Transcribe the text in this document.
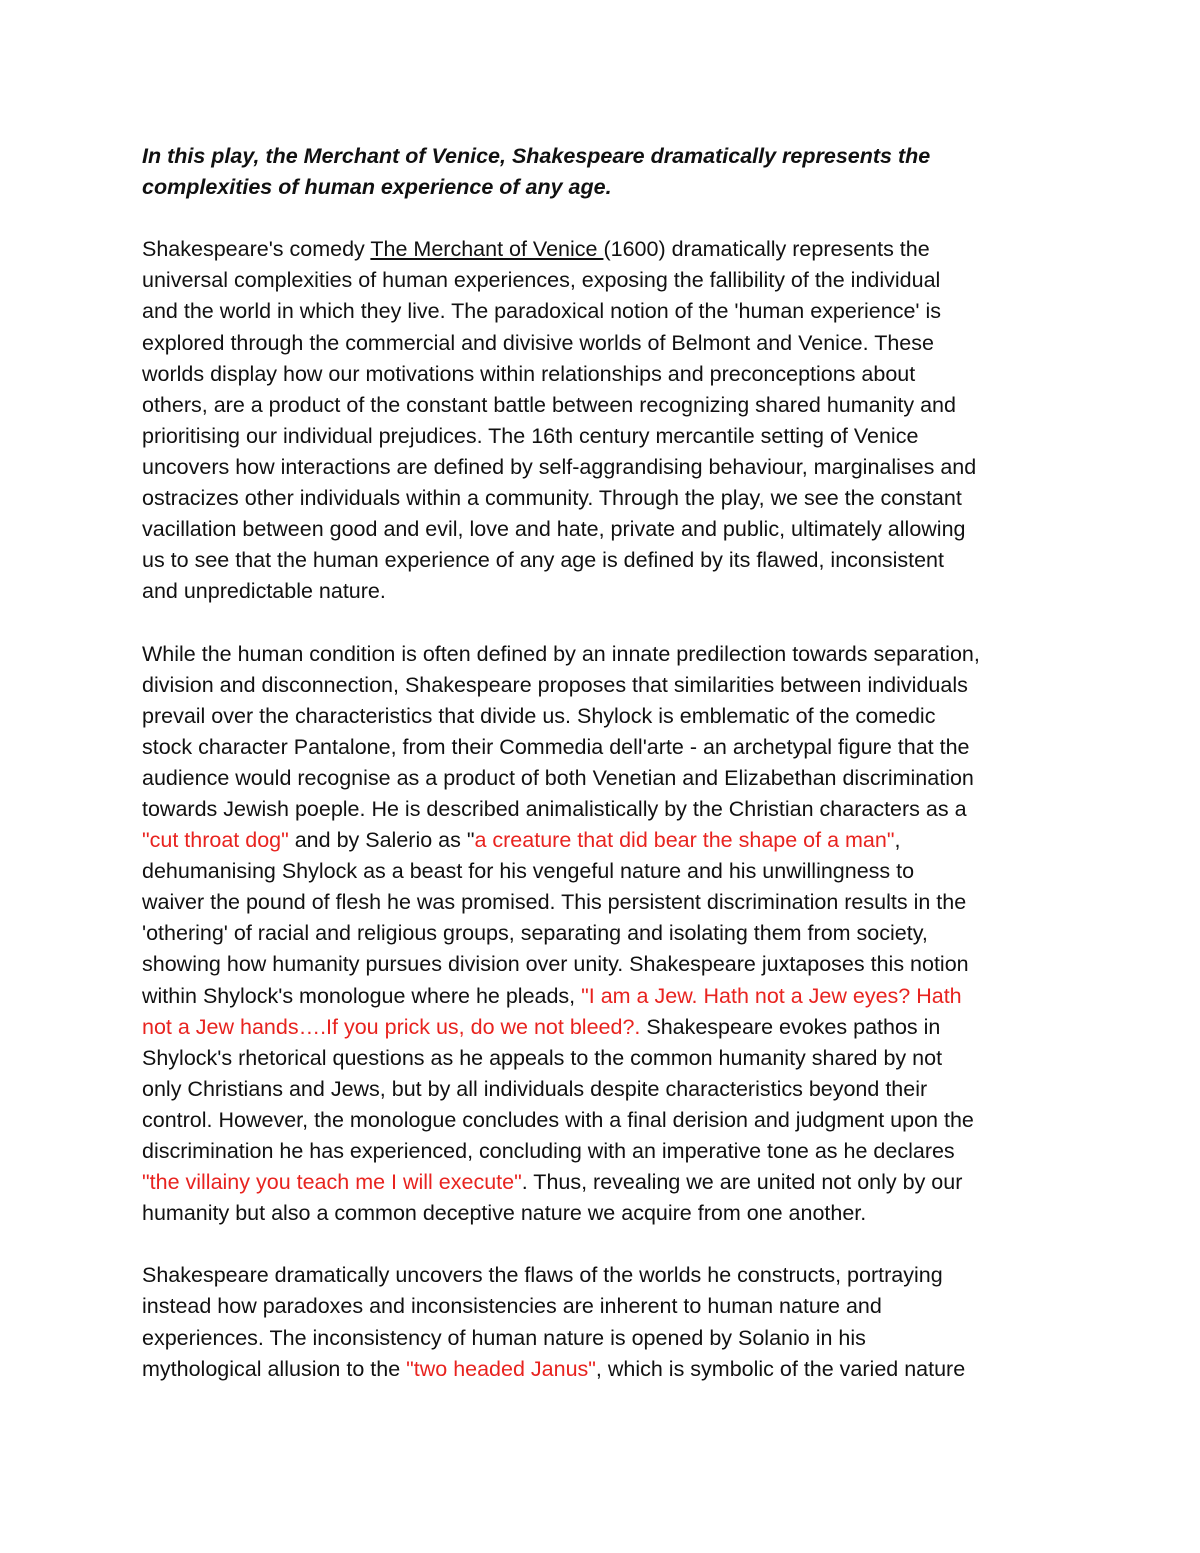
In this play, the Merchant of Venice, Shakespeare dramatically represents the
complexities of human experience of any age.

Shakespeare's comedy The Merchant of Venice (1600) dramatically represents the
universal complexities of human experiences, exposing the fallibility of the individual
and the world in which they live. The paradoxical notion of the 'human experience' is
explored through the commercial and divisive worlds of Belmont and Venice. These
worlds display how our motivations within relationships and preconceptions about
others, are a product of the constant battle between recognizing shared humanity and
prioritising our individual prejudices. The 16th century mercantile setting of Venice
uncovers how interactions are defined by self-aggrandising behaviour, marginalises and
ostracizes other individuals within a community. Through the play, we see the constant
vacillation between good and evil, love and hate, private and public, ultimately allowing
us to see that the human experience of any age is defined by its flawed, inconsistent
and unpredictable nature.

While the human condition is often defined by an innate predilection towards separation,
division and disconnection, Shakespeare proposes that similarities between individuals
prevail over the characteristics that divide us. Shylock is emblematic of the comedic
stock character Pantalone, from their Commedia dell'arte - an archetypal figure that the
audience would recognise as a product of both Venetian and Elizabethan discrimination
towards Jewish poeple. He is described animalistically by the Christian characters as a
"cut throat dog" and by Salerio as "a creature that did bear the shape of a man",
dehumanising Shylock as a beast for his vengeful nature and his unwillingness to
waiver the pound of flesh he was promised. This persistent discrimination results in the
'othering' of racial and religious groups, separating and isolating them from society,
showing how humanity pursues division over unity. Shakespeare juxtaposes this notion
within Shylock's monologue where he pleads, "I am a Jew. Hath not a Jew eyes? Hath
not a Jew hands….If you prick us, do we not bleed?. Shakespeare evokes pathos in
Shylock's rhetorical questions as he appeals to the common humanity shared by not
only Christians and Jews, but by all individuals despite characteristics beyond their
control. However, the monologue concludes with a final derision and judgment upon the
discrimination he has experienced, concluding with an imperative tone as he declares
"the villainy you teach me I will execute". Thus, revealing we are united not only by our
humanity but also a common deceptive nature we acquire from one another.

Shakespeare dramatically uncovers the flaws of the worlds he constructs, portraying
instead how paradoxes and inconsistencies are inherent to human nature and
experiences. The inconsistency of human nature is opened by Solanio in his
mythological allusion to the "two headed Janus", which is symbolic of the varied nature
